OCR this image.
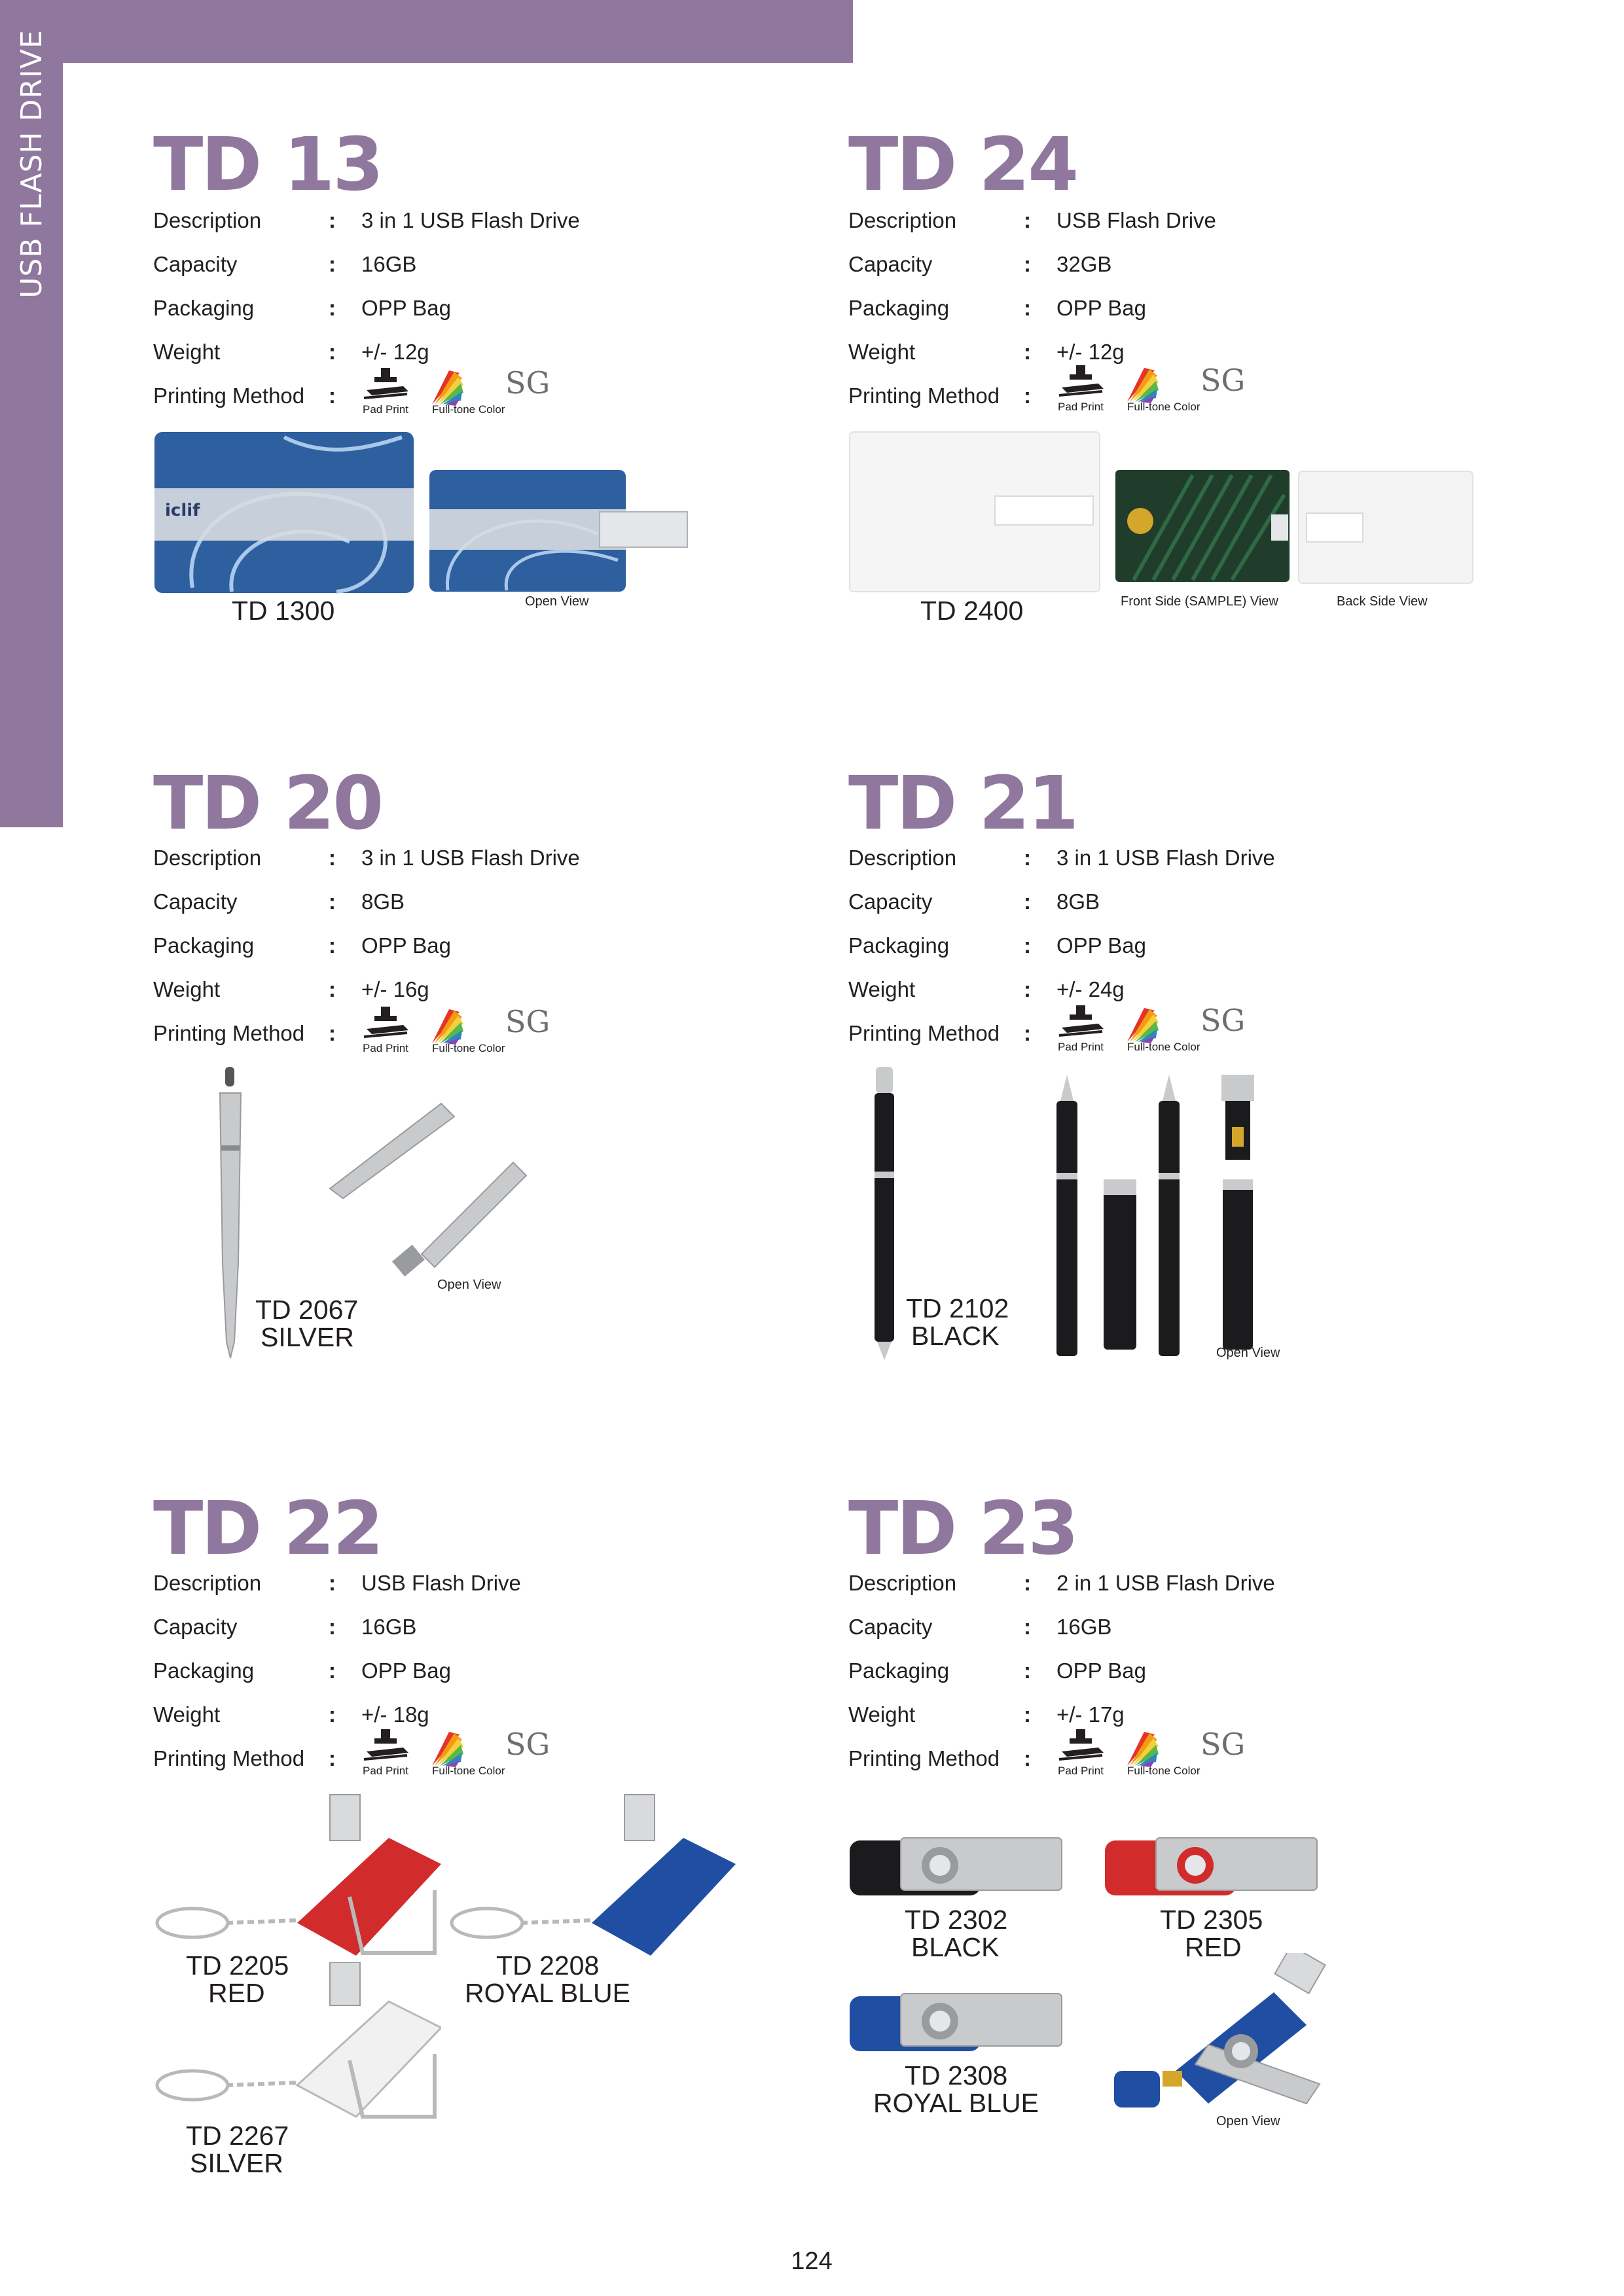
USB FLASH DRIVE TD 13
Description	: 3 in 1 USB Flash Drive
Capacity	: 16GB
Packaging	: OPP Bag
Weight	: +/- 12g
Printing Method :	SG
Pad Print Full-tone Color
iclif
TD 1300	Open View
TD 24
Description	: USB Flash Drive
Capacity	: 32GB
Packaging	: OPP Bag
Weight	: +/- 12g
Printing Method :	SG
Pad Print Full-tone Color
TD 2400	Front Side (SAMPLE) View	Back Side View
TD 20
Description	: 3 in 1 USB Flash Drive
Capacity	: 8GB
Packaging	: OPP Bag
Weight	: +/- 16g
Printing Method :	SG
Pad Print Full-tone Color
TD 2067
SILVER
Open View
TD 21
Description	: 3 in 1 USB Flash Drive
Capacity	: 8GB
Packaging	: OPP Bag
Weight	: +/- 24g
Printing Method :	SG
Pad Print Full-tone Color
TD 2102
BLACK
Open View
TD 22
Description	: USB Flash Drive
Capacity	: 16GB
Packaging	: OPP Bag
Weight	: +/- 18g
Printing Method :	SG
Pad Print Full-tone Color
TD 2205
RED
TD 2208
ROYAL BLUE
TD 2267
SILVER
TD 23
Description	: 2 in 1 USB Flash Drive
Capacity	: 16GB
Packaging	: OPP Bag
Weight	: +/- 17g
Printing Method :	SG
Pad Print Full-tone Color
TD 2302
BLACK
TD 2305
RED
TD 2308
ROYAL BLUE
Open View
124
